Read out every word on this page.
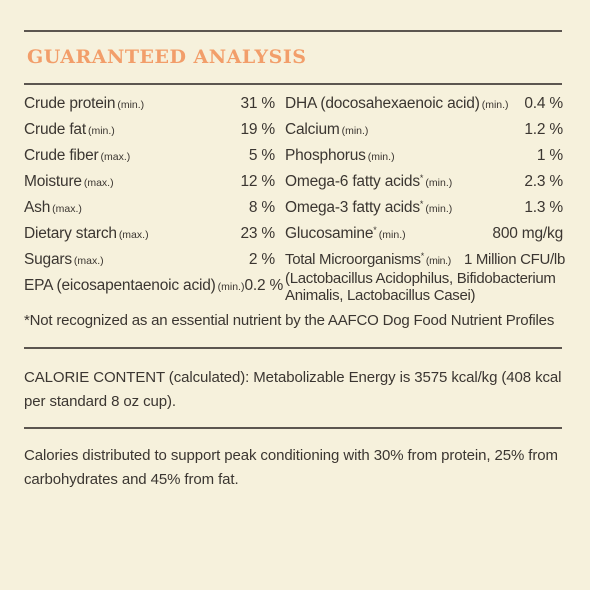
GUARANTEED ANALYSIS
Crude protein (min.)	31 %
Crude fat (min.)	19 %
Crude fiber (max.)	5 %
Moisture (max.)	12 %
Ash (max.)	8 %
Dietary starch (max.)	23 %
Sugars (max.)	2 %
EPA (eicosapentaenoic acid) (min.) 0.2 %
DHA (docosahexaenoic acid) (min.) 0.4 %
Calcium (min.)	1.2 %
Phosphorus (min.)	1 %
Omega-6 fatty acids* (min.)	2.3 %
Omega-3 fatty acids* (min.)	1.3 %
Glucosamine* (min.)	800 mg/kg
Total Microorganisms* (min.) 1 Million CFU/lb
(Lactobacillus Acidophilus, Bifidobacterium Animalis, Lactobacillus Casei)
*Not recognized as an essential nutrient by the AAFCO Dog Food Nutrient Profiles
CALORIE CONTENT (calculated): Metabolizable Energy is 3575 kcal/kg (408 kcal per standard 8 oz cup).
Calories distributed to support peak conditioning with 30% from protein, 25% from carbohydrates and 45% from fat.
